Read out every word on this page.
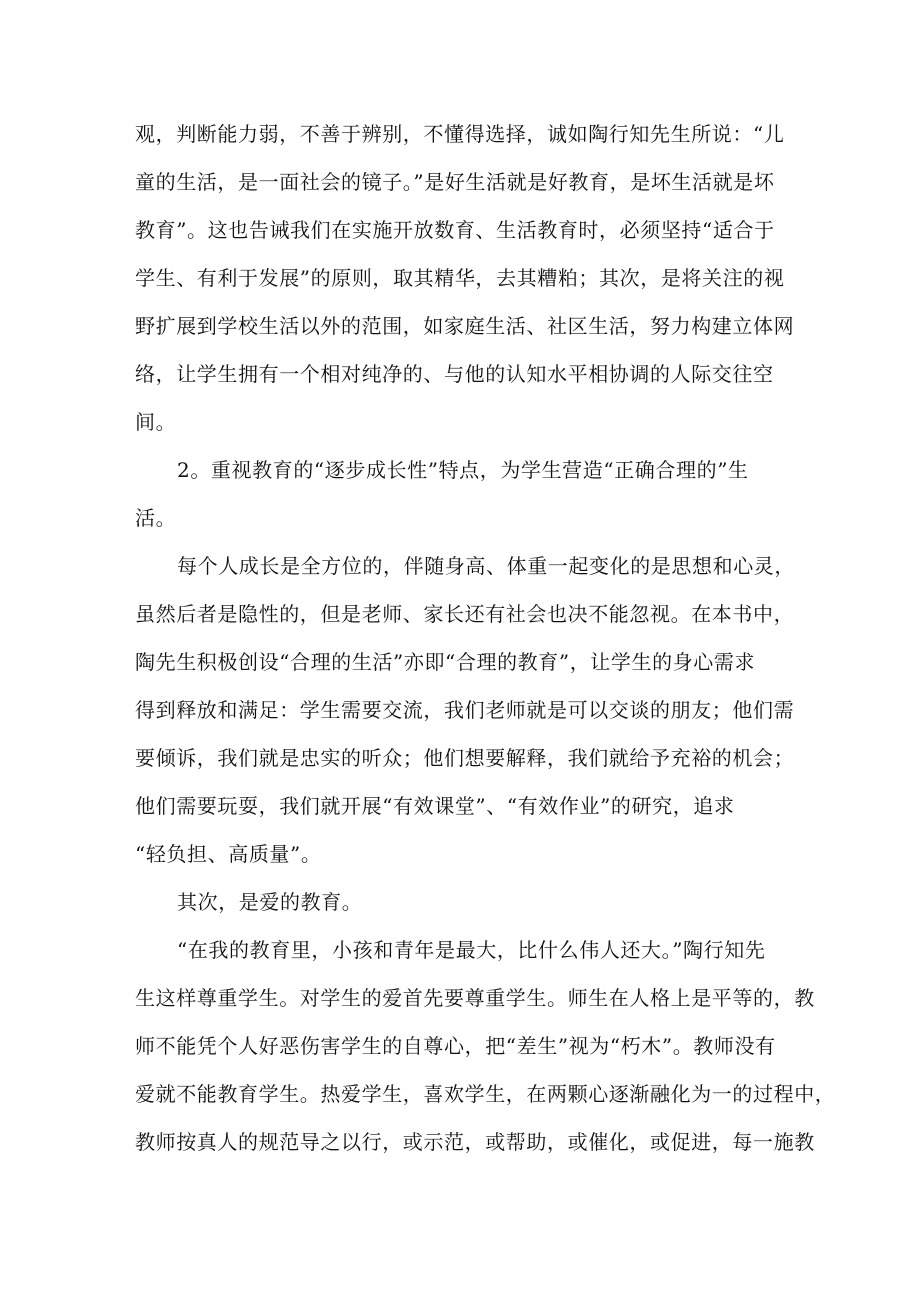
观，判断能力弱，不善于辨别，不懂得选择，诚如陶行知先生所说：“儿
童的生活，是一面社会的镜子。”是好生活就是好教育，是坏生活就是坏
教育”。这也告诫我们在实施开放数育、生活教育时，必须坚持“适合于
学生、有利于发展”的原则，取其精华，去其糟粕；其次，是将关注的视
野扩展到学校生活以外的范围，如家庭生活、社区生活，努力构建立体网
络，让学生拥有一个相对纯净的、与他的认知水平相协调的人际交往空
间。
2。重视教育的“逐步成长性”特点，为学生营造“正确合理的”生
活。
每个人成长是全方位的，伴随身高、体重一起变化的是思想和心灵，
虽然后者是隐性的，但是老师、家长还有社会也决不能忽视。在本书中，
陶先生积极创设“合理的生活”亦即“合理的教育”，让学生的身心需求
得到释放和满足：学生需要交流，我们老师就是可以交谈的朋友；他们需
要倾诉，我们就是忠实的听众；他们想要解释，我们就给予充裕的机会；
他们需要玩耍，我们就开展“有效课堂”、“有效作业”的研究，追求
“轻负担、高质量”。
其次，是爱的教育。
“在我的教育里，小孩和青年是最大，比什么伟人还大。”陶行知先
生这样尊重学生。对学生的爱首先要尊重学生。师生在人格上是平等的，教
师不能凭个人好恶伤害学生的自尊心，把“差生”视为“朽木”。教师没有
爱就不能教育学生。热爱学生，喜欢学生，在两颗心逐渐融化为一的过程中，
教师按真人的规范导之以行，或示范，或帮助，或催化，或促进，每一施教
